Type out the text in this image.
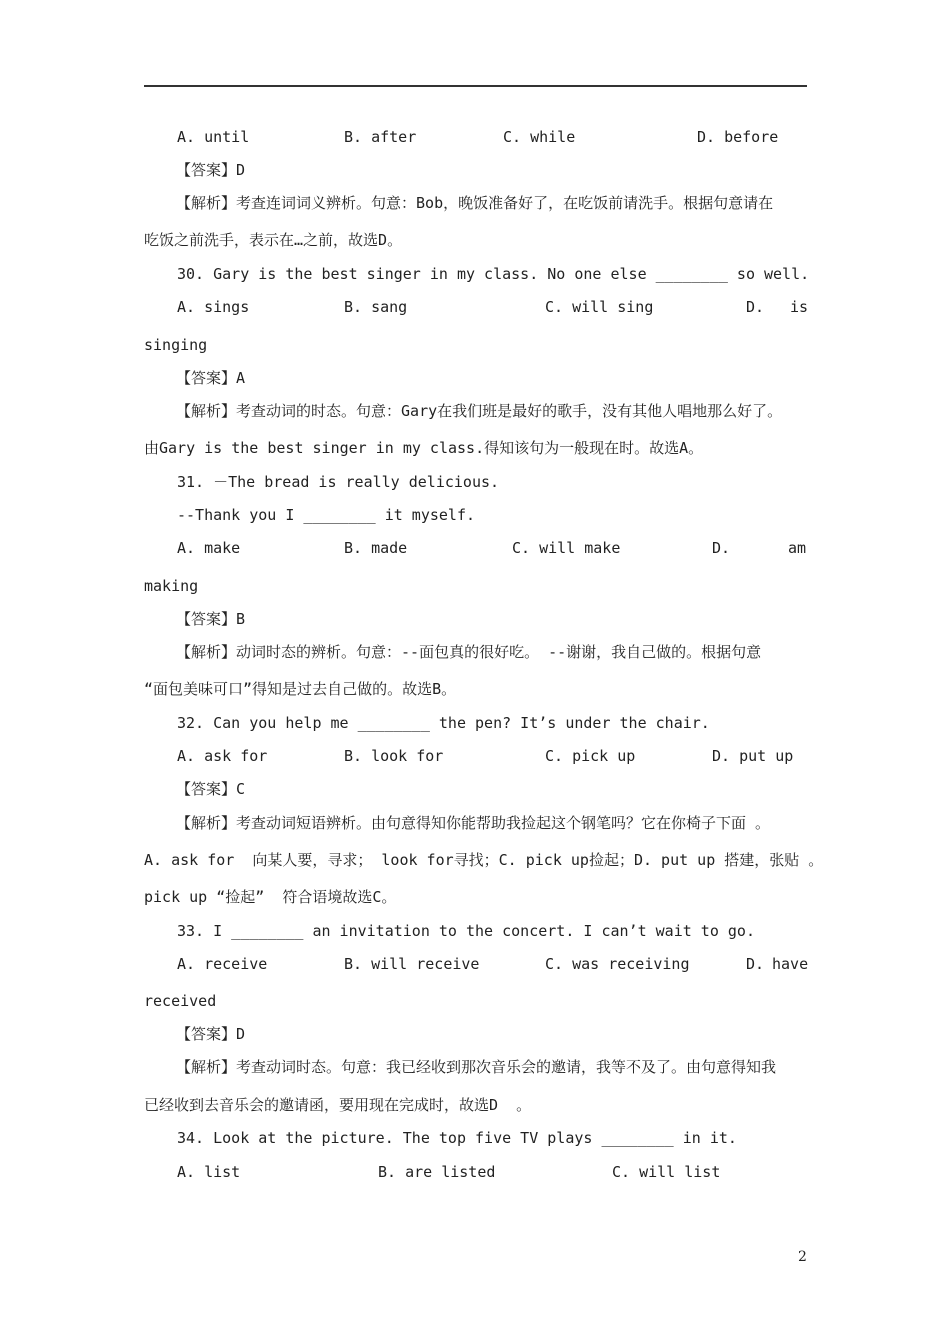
A. until	B. after	C. while	D. before
【答案】D
【解析】考查连词词义辨析。句意：Bob，晚饭准备好了，在吃饭前请洗手。根据句意请在
吃饭之前洗手，表示在…之前，故选D。
30. Gary is the best singer in my class. No one else ________ so well.
A. sings	B. sang	C. will sing	D. is
singing
【答案】A
【解析】考查动词的时态。句意：Gary在我们班是最好的歌手，没有其他人唱地那么好了。
由Gary is the best singer in my class.得知该句为一般现在时。故选A。
31. －The bread is really delicious.
--Thank you I ________ it myself.
A. make	B. made	C. will make	D.	am
making
【答案】B
【解析】动词时态的辨析。句意：--面包真的很好吃。 --谢谢，我自己做的。根据句意
“面包美味可口”得知是过去自己做的。故选B。
32. Can you help me ________ the pen? It’s under the chair.
A. ask for	B. look for	C. pick up	D. put up
【答案】C
【解析】考查动词短语辨析。由句意得知你能帮助我捡起这个钢笔吗？它在你椅子下面 。
A. ask for  向某人要，寻求； look for寻找；C. pick up捡起；D. put up 搭建，张贴 。
pick up “捡起”  符合语境故选C。
33. I ________ an invitation to the concert. I can’t wait to go.
A. receive	B. will receive	C. was receiving	D. have
received
【答案】D
【解析】考查动词时态。句意：我已经收到那次音乐会的邀请，我等不及了。由句意得知我
已经收到去音乐会的邀请函，要用现在完成时，故选D  。
34. Look at the picture. The top five TV plays ________ in it.
A. list	B. are listed	C. will list
2
